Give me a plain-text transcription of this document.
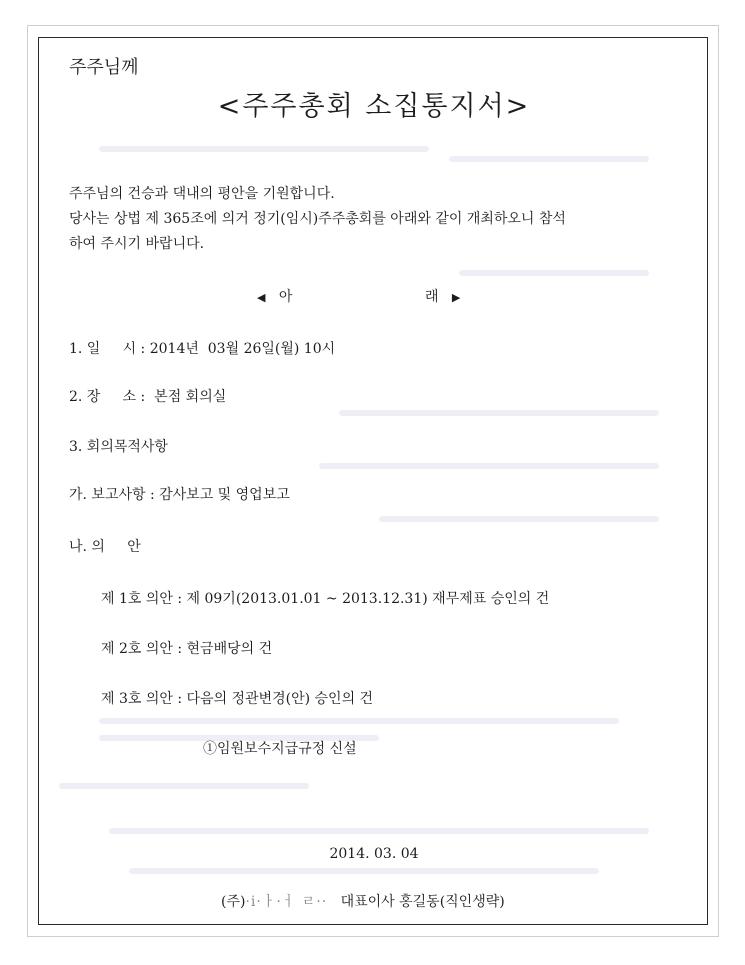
주주님께
<주주총회 소집통지서>
주주님의 건승과 댁내의 평안을 기원합니다.
당사는 상법 제 365조에 의거 정기(임시)주주총회를 아래와 같이 개최하오니 참석
하여 주시기 바랍니다.
◀ 아	래 ▶
1. 일     시 : 2014년  03월 26일(월) 10시
2. 장     소 :  본점 회의실
3. 회의목적사항
가. 보고사항 : 감사보고 및 영업보고
나. 의     안
제 1호 의안 : 제 09기(2013.01.01 ~ 2013.12.31) 재무제표 승인의 건
제 2호 의안 : 현금배당의 건
제 3호 의안 : 다음의 정관변경(안) 승인의 건
①임원보수지급규정 신설
2014. 03. 04
(주)·i·ㅏ·ㅓ ㄹ·· 대표이사 홍길동(직인생략)
